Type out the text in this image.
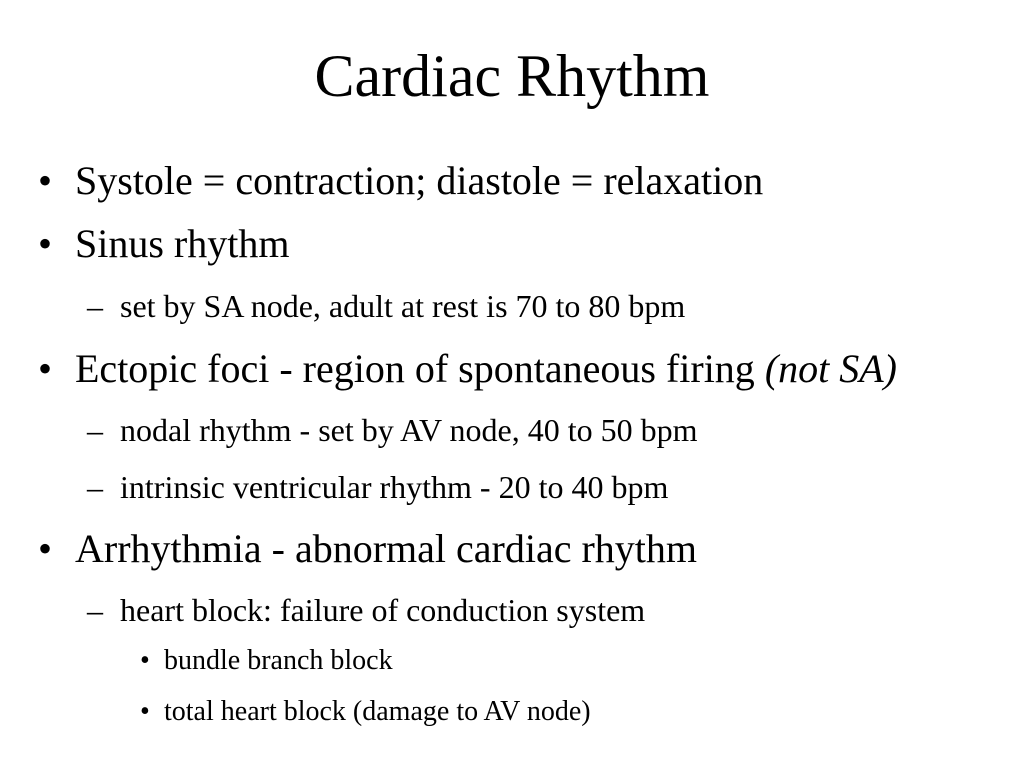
Cardiac Rhythm
• Systole = contraction; diastole = relaxation
• Sinus rhythm
– set by SA node, adult at rest is 70 to 80 bpm
• Ectopic foci - region of spontaneous firing (not SA)
– nodal rhythm - set by AV node, 40 to 50 bpm
– intrinsic ventricular rhythm - 20 to 40 bpm
• Arrhythmia - abnormal cardiac rhythm
– heart block: failure of conduction system
• bundle branch block
• total heart block (damage to AV node)
